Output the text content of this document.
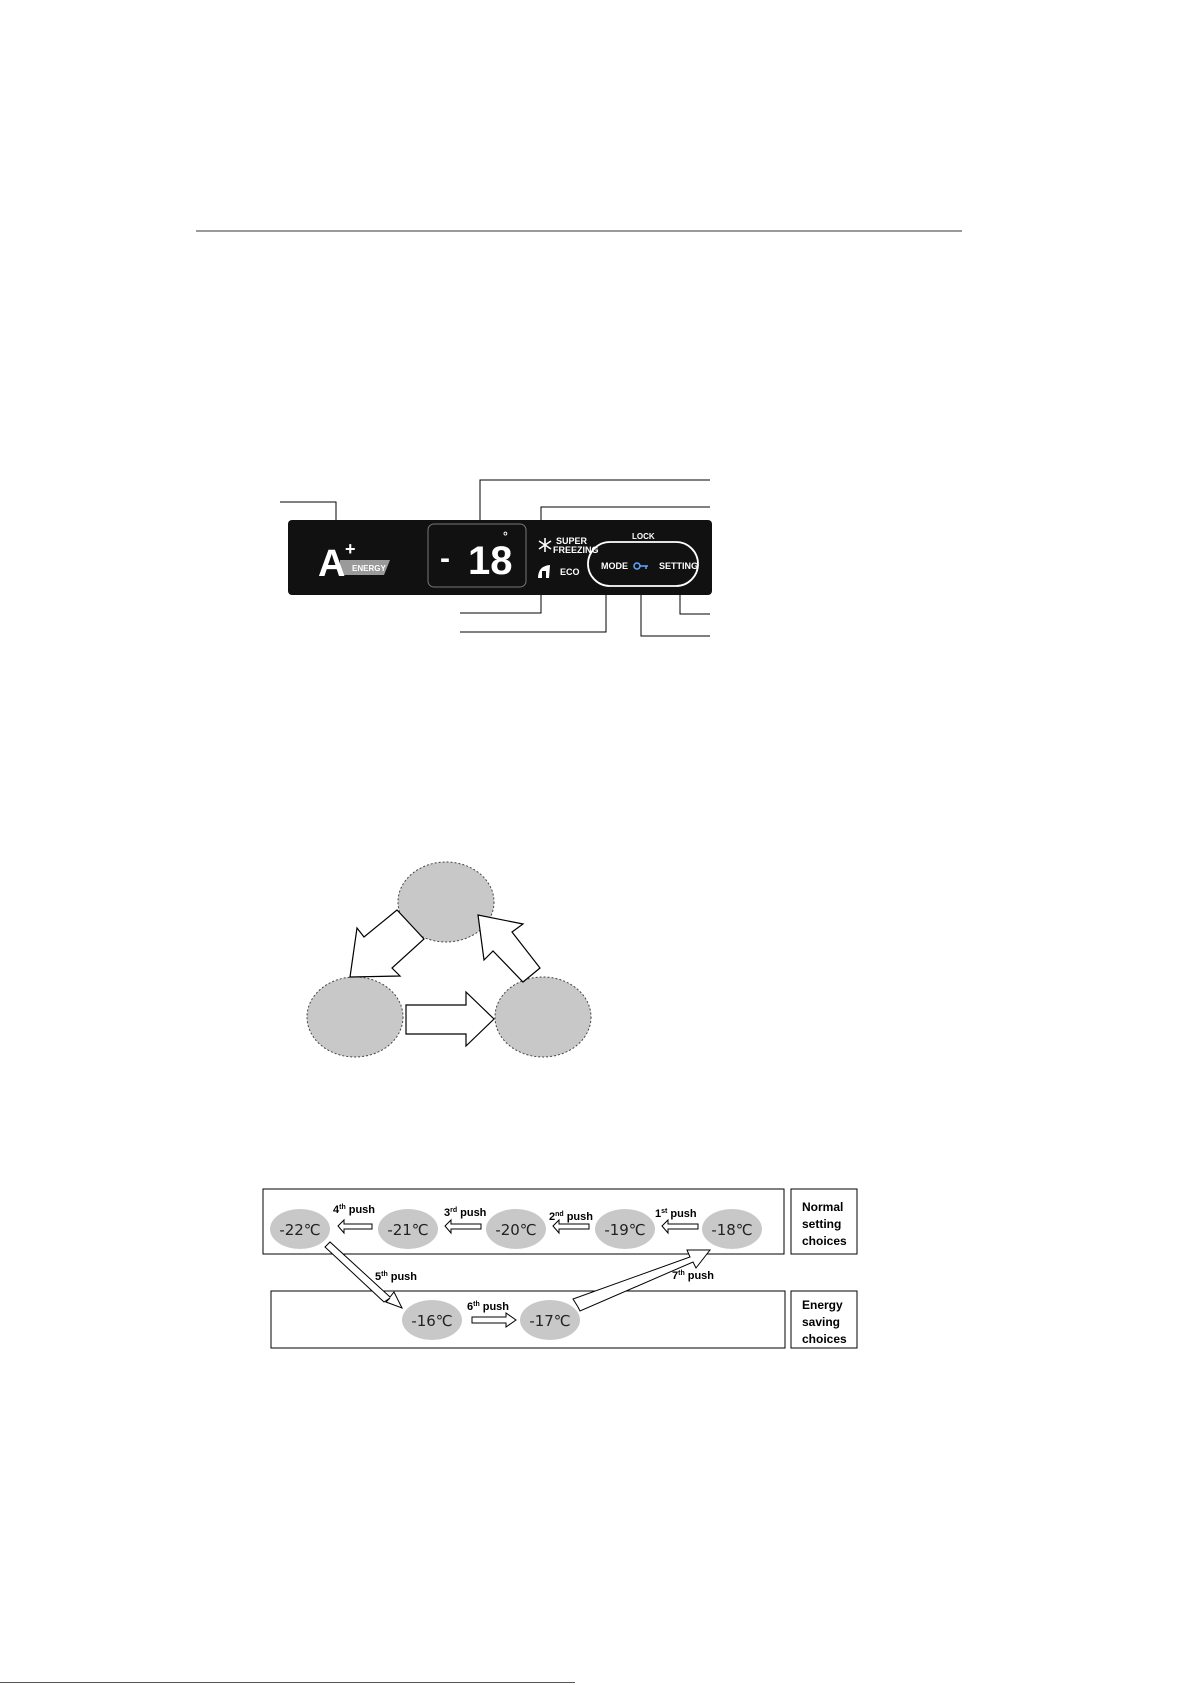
A +
ENERGY - 18
°	SUPER
FREEZING
ECO
LOCK
MODE	SETTING
Normal
setting
choices
Energy
saving
choices
-22℃	-21℃	-20℃	-19℃	-18℃
-16℃	-17℃
4th push	3rd push	2nd push	1st push
5th push
6th push
7th push
